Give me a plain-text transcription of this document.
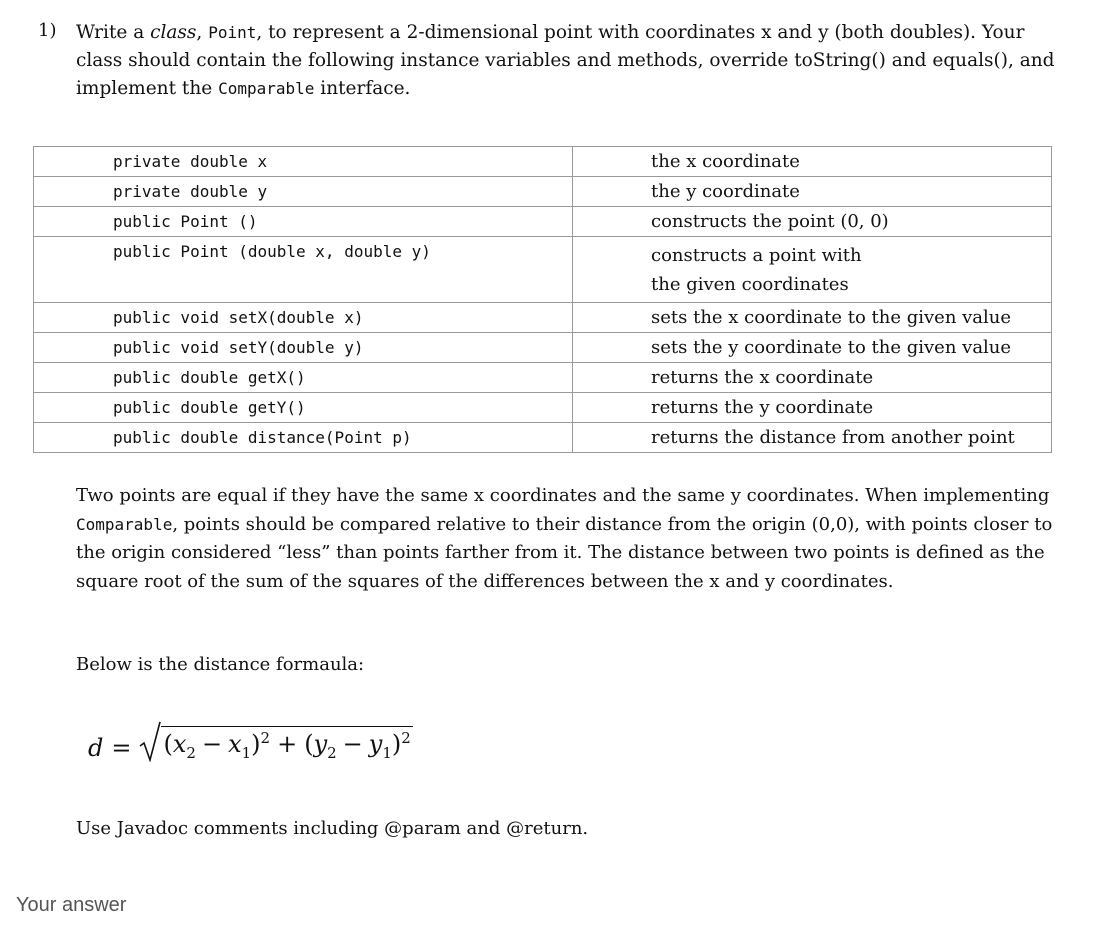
1) Write a class, Point, to represent a 2-dimensional point with coordinates x and y (both doubles). Your class should contain the following instance variables and methods, override toString() and equals(), and implement the Comparable interface.
private double x	the x coordinate
private double y	the y coordinate
public Point ()	constructs the point (0, 0)
public Point (double x, double y)	constructs a point with the given coordinates
public void setX(double x)	sets the x coordinate to the given value
public void setY(double y)	sets the y coordinate to the given value
public double getX()	returns the x coordinate
public double getY()	returns the y coordinate
public double distance(Point p)	returns the distance from another point
Two points are equal if they have the same x coordinates and the same y coordinates. When implementing Comparable, points should be compared relative to their distance from the origin (0,0), with points closer to the origin considered “less” than points farther from it. The distance between two points is defined as the square root of the sum of the squares of the differences between the x and y coordinates.
Below is the distance formaula:
$d = (x_2 - x_1)^2 + (y_2 - y_1)^2$
Use Javadoc comments including @param and @return.
Your answer
